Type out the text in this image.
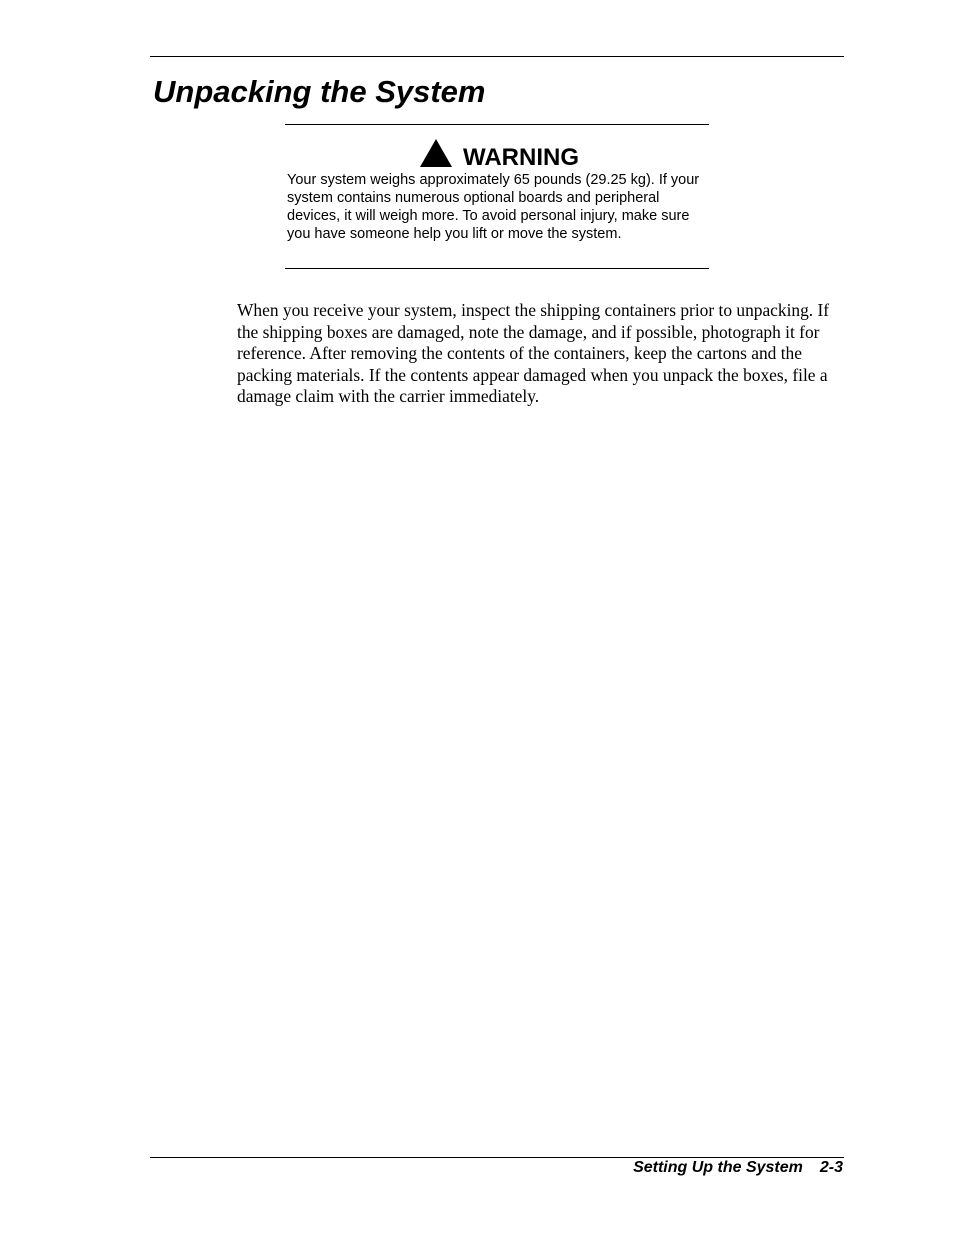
Unpacking the System
WARNING

Your system weighs approximately 65 pounds (29.25 kg). If your system contains numerous optional boards and peripheral devices, it will weigh more. To avoid personal injury, make sure you have someone help you lift or move the system.

When you receive your system, inspect the shipping containers prior to unpacking. If the shipping boxes are damaged, note the damage, and if possible, photograph it for reference. After removing the contents of the containers, keep the cartons and the packing materials. If the contents appear damaged when you unpack the boxes, file a damage claim with the carrier immediately.

Setting Up the System 2-3
